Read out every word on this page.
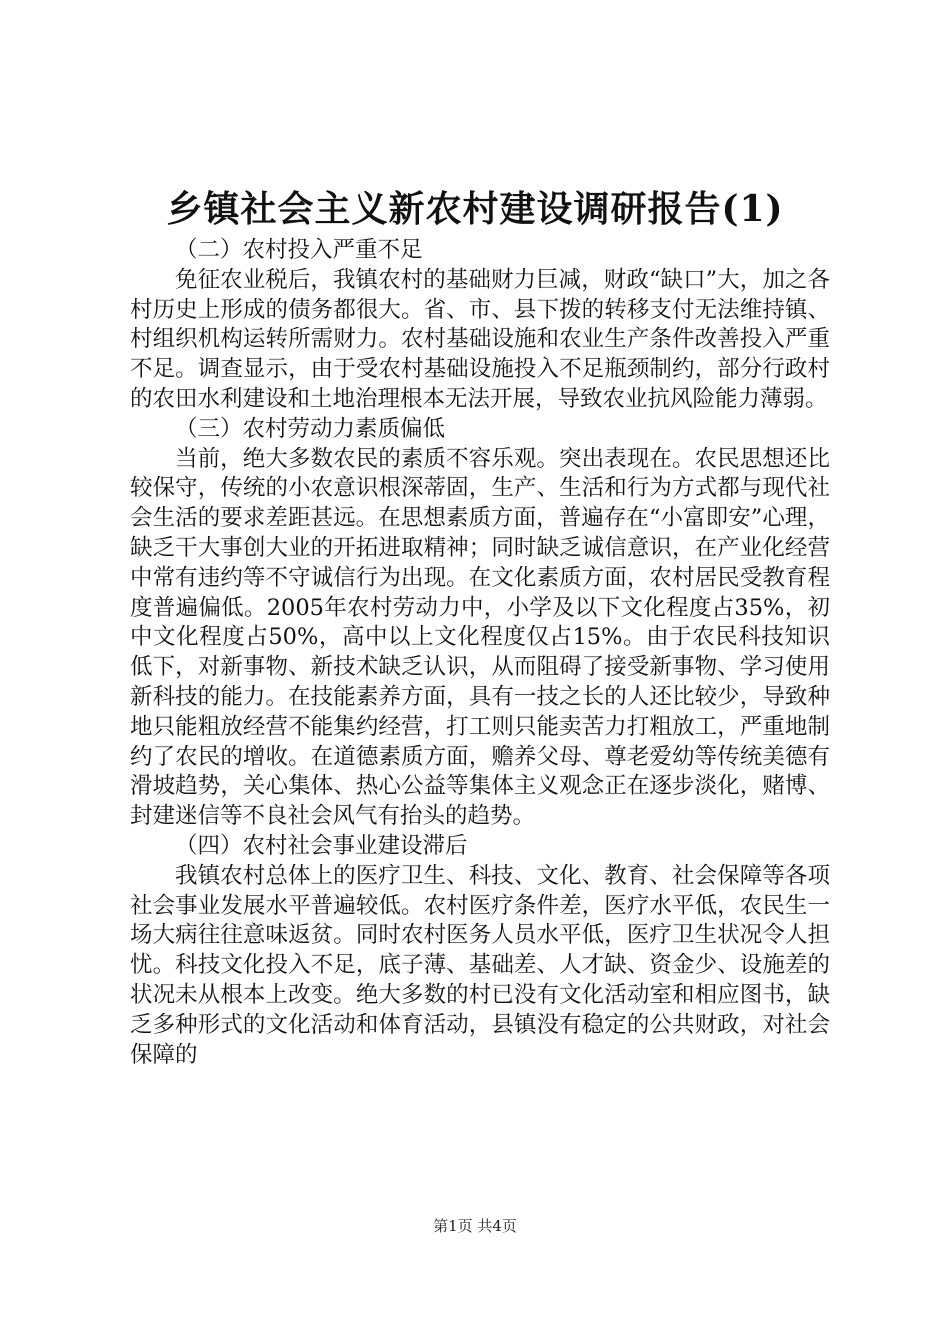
乡镇社会主义新农村建设调研报告(1)

（二）农村投入严重不足

免征农业税后，我镇农村的基础财力巨减，财政“缺口”大，加之各村历史上形成的债务都很大。省、市、县下拨的转移支付无法维持镇、村组织机构运转所需财力。农村基础设施和农业生产条件改善投入严重不足。调查显示，由于受农村基础设施投入不足瓶颈制约，部分行政村的农田水利建设和土地治理根本无法开展，导致农业抗风险能力薄弱。

（三）农村劳动力素质偏低

当前，绝大多数农民的素质不容乐观。突出表现在。农民思想还比较保守，传统的小农意识根深蒂固，生产、生活和行为方式都与现代社会生活的要求差距甚远。在思想素质方面，普遍存在“小富即安”心理，缺乏干大事创大业的开拓进取精神；同时缺乏诚信意识，在产业化经营中常有违约等不守诚信行为出现。在文化素质方面，农村居民受教育程度普遍偏低。2005年农村劳动力中，小学及以下文化程度占35%，初中文化程度占50%，高中以上文化程度仅占15%。由于农民科技知识低下，对新事物、新技术缺乏认识，从而阻碍了接受新事物、学习使用新科技的能力。在技能素养方面，具有一技之长的人还比较少，导致种地只能粗放经营不能集约经营，打工则只能卖苦力打粗放工，严重地制约了农民的增收。在道德素质方面，赡养父母、尊老爱幼等传统美德有滑坡趋势，关心集体、热心公益等集体主义观念正在逐步淡化，赌博、封建迷信等不良社会风气有抬头的趋势。

（四）农村社会事业建设滞后

我镇农村总体上的医疗卫生、科技、文化、教育、社会保障等各项社会事业发展水平普遍较低。农村医疗条件差，医疗水平低，农民生一场大病往往意味返贫。同时农村医务人员水平低，医疗卫生状况令人担忧。科技文化投入不足，底子薄、基础差、人才缺、资金少、设施差的状况未从根本上改变。绝大多数的村已没有文化活动室和相应图书，缺乏多种形式的文化活动和体育活动，县镇没有稳定的公共财政，对社会保障的

第1页 共4页
